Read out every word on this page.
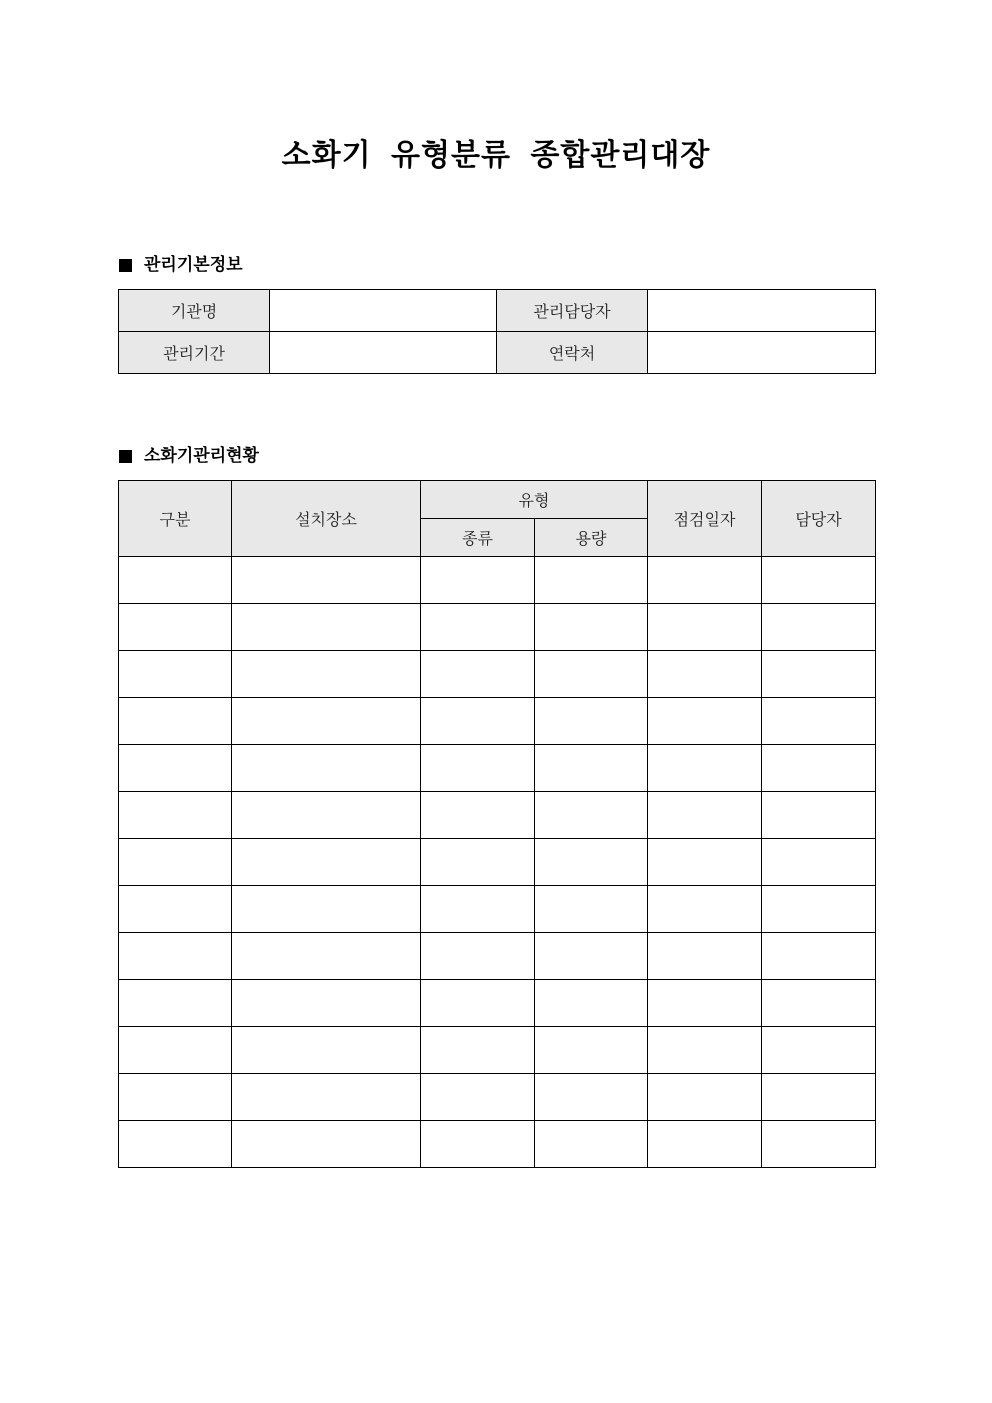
소화기 유형분류 종합관리대장
관리기본정보
기관명		관리담당자	
관리기간		연락처	
소화기관리현황
구분	설치장소	유형		점검일자	담당자
		종류	용량		
